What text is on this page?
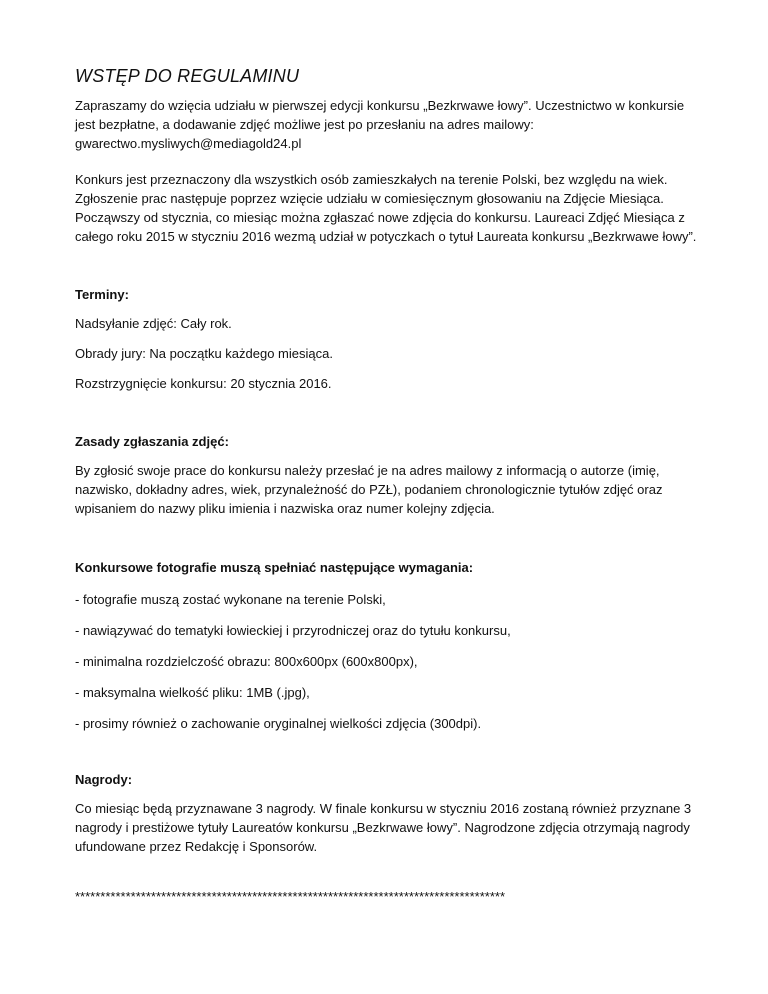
WSTĘP DO REGULAMINU

Zapraszamy do wzięcia udziału w pierwszej edycji konkursu „Bezkrwawe łowy”. Uczestnictwo w konkursie jest bezpłatne, a dodawanie zdjęć możliwe jest po przesłaniu na adres mailowy: gwarectwo.mysliwych@mediagold24.pl

Konkurs jest przeznaczony dla wszystkich osób zamieszkałych na terenie Polski, bez względu na wiek. Zgłoszenie prac następuje poprzez wzięcie udziału w comiesięcznym głosowaniu na Zdjęcie Miesiąca. Począwszy od stycznia, co miesiąc można zgłaszać nowe zdjęcia do konkursu. Laureaci Zdjęć Miesiąca z całego roku 2015 w styczniu 2016 wezmą udział w potyczkach o tytuł Laureata konkursu „Bezkrwawe łowy”.

Terminy:

Nadsyłanie zdjęć: Cały rok.

Obrady jury: Na początku każdego miesiąca.

Rozstrzygnięcie konkursu: 20 stycznia 2016.

Zasady zgłaszania zdjęć:

By zgłosić swoje prace do konkursu należy przesłać je na adres mailowy z informacją o autorze (imię, nazwisko, dokładny adres, wiek, przynależność do PZŁ), podaniem chronologicznie tytułów zdjęć oraz wpisaniem do nazwy pliku imienia i nazwiska oraz numer kolejny zdjęcia.

Konkursowe fotografie muszą spełniać następujące wymagania:

- fotografie muszą zostać wykonane na terenie Polski,

- nawiązywać do tematyki łowieckiej i przyrodniczej oraz do tytułu konkursu,

- minimalna rozdzielczość obrazu: 800x600px (600x800px),

- maksymalna wielkość pliku: 1MB (.jpg),

- prosimy również o zachowanie oryginalnej wielkości zdjęcia (300dpi).

Nagrody:

Co miesiąc będą przyznawane 3 nagrody. W finale konkursu w styczniu 2016 zostaną również przyznane 3 nagrody i prestiżowe tytuły Laureatów konkursu „Bezkrwawe łowy”. Nagrodzone zdjęcia otrzymają nagrody ufundowane przez Redakcję i Sponsorów.

*************************************************************************************
